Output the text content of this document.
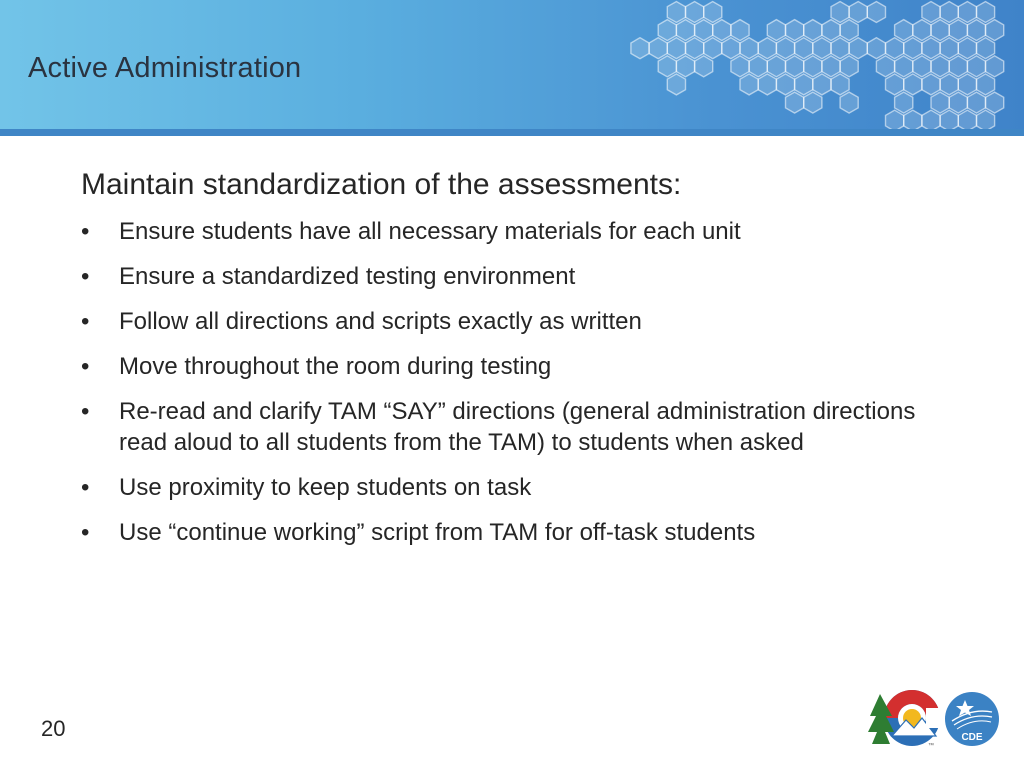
Active Administration
Maintain standardization of the assessments:
•	Ensure students have all necessary materials for each unit
•	Ensure a standardized testing environment
•	Follow all directions and scripts exactly as written
•	Move throughout the room during testing
•	Re-read and clarify TAM “SAY” directions (general administration directions read aloud to all students from the TAM) to students when asked
•	Use proximity to keep students on task
•	Use “continue working” script from TAM for off-task students
20
™
CDE
